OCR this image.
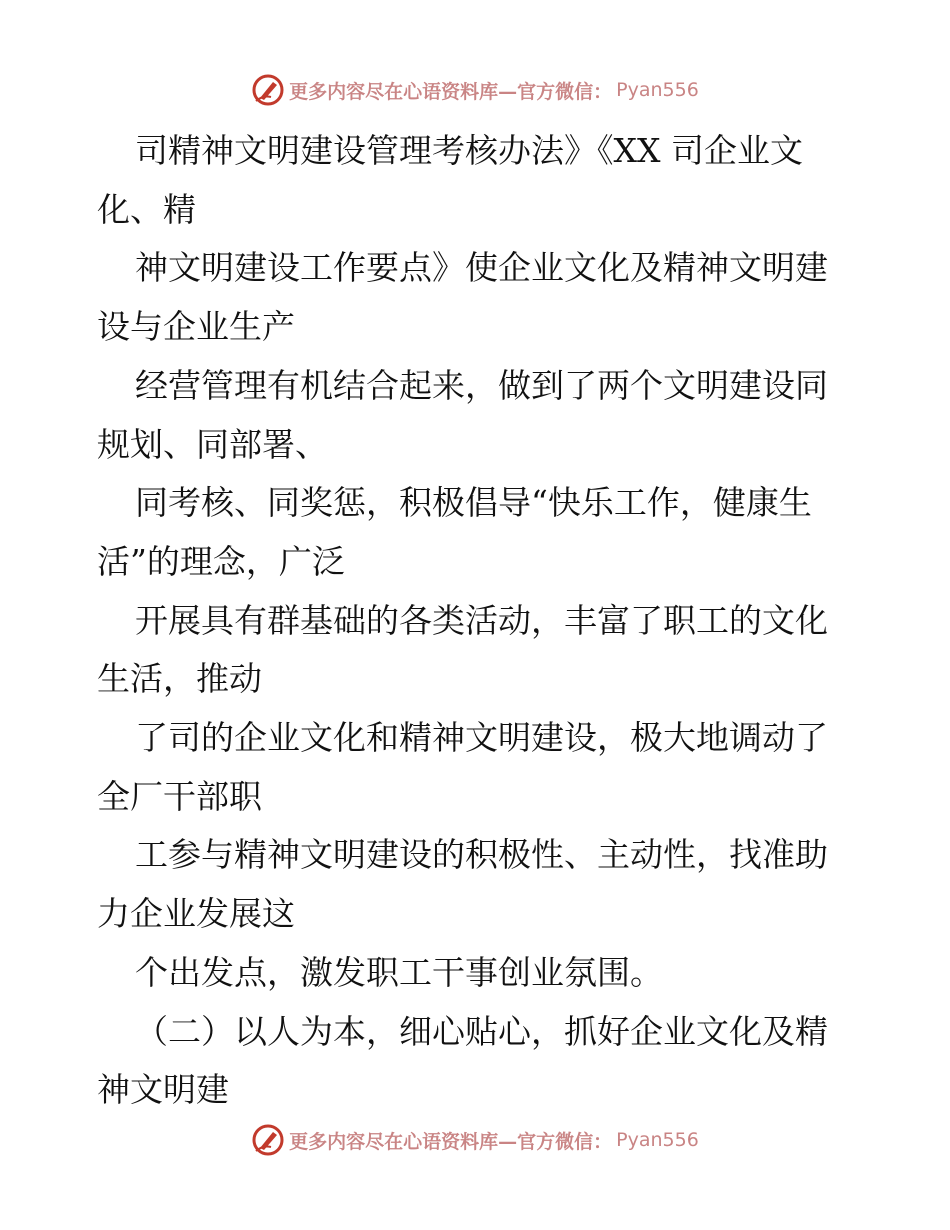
更多内容尽在心语资料库—官方微信： Pyan556

司精神文明建设管理考核办法》《XX 司企业文

化、精

神文明建设工作要点》使企业文化及精神文明建

设与企业生产

经营管理有机结合起来，做到了两个文明建设同

规划、同部署、

同考核、同奖惩，积极倡导“快乐工作，健康生

活”的理念，广泛

开展具有群基础的各类活动，丰富了职工的文化

生活，推动

了司的企业文化和精神文明建设，极大地调动了

全厂干部职

工参与精神文明建设的积极性、主动性，找准助

力企业发展这

个出发点，激发职工干事创业氛围。

（二）以人为本，细心贴心，抓好企业文化及精

神文明建

更多内容尽在心语资料库—官方微信： Pyan556
